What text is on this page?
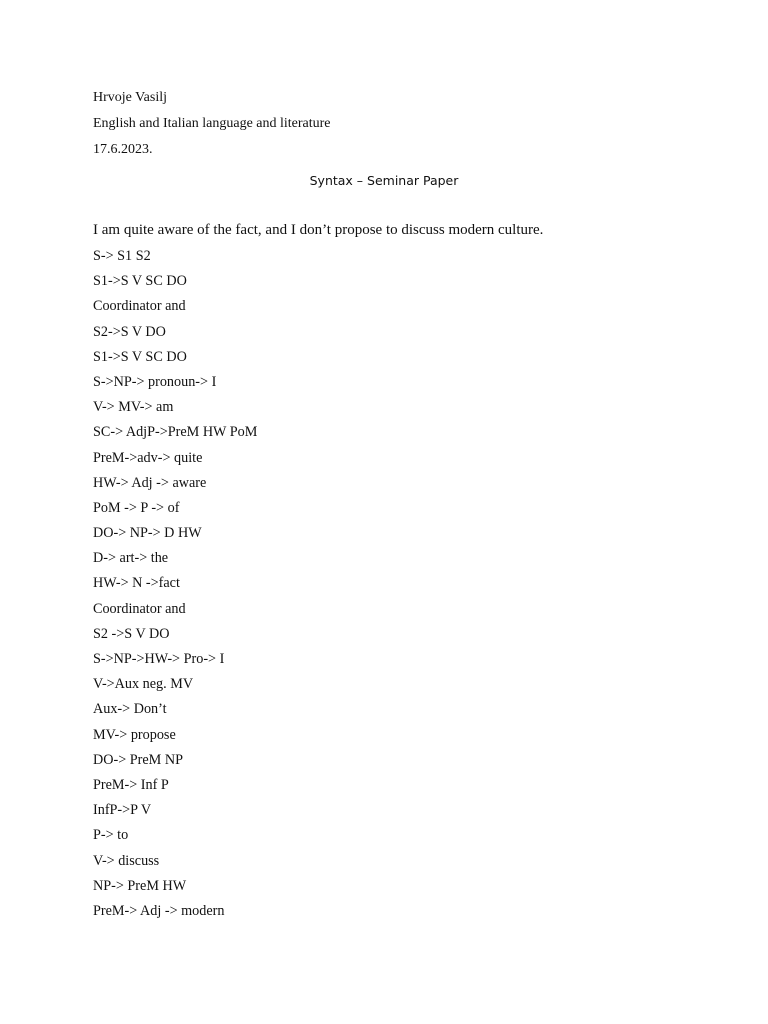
Hrvoje Vasilj
English and Italian language and literature
17.6.2023.
Syntax – Seminar Paper
I am quite aware of the fact, and I don’t propose to discuss modern culture.
S-> S1 S2
S1->S V SC DO
Coordinator and
S2->S V DO
S1->S V SC DO
S->NP-> pronoun-> I
V-> MV-> am
SC-> AdjP->PreM HW PoM
PreM->adv-> quite
HW-> Adj -> aware
PoM -> P -> of
DO-> NP-> D HW
D-> art-> the
HW-> N ->fact
Coordinator and
S2 ->S V DO
S->NP->HW-> Pro-> I
V->Aux neg. MV
Aux-> Don’t
MV-> propose
DO-> PreM NP
PreM-> Inf P
InfP->P V
P-> to
V-> discuss
NP-> PreM HW
PreM-> Adj -> modern
